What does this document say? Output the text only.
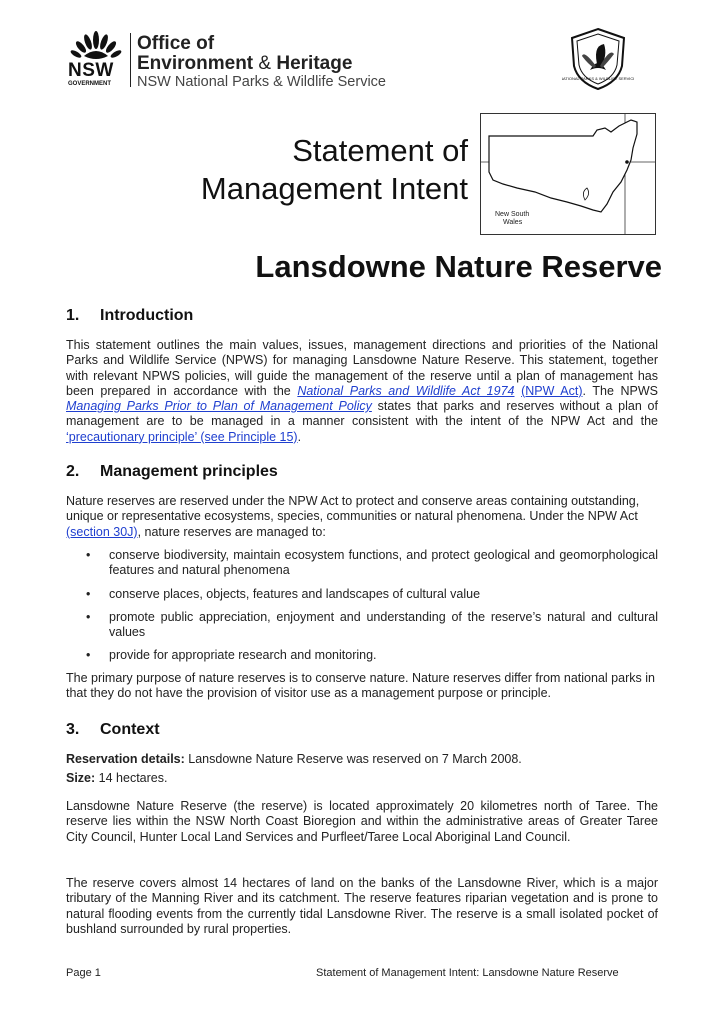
NSW
GOVERNMENT
Office of
Environment & Heritage
NSW National Parks & Wildlife Service	NATIONAL PARKS & WILDLIFE SERVICE
Statement of
Management Intent
New South
Wales
Lansdowne Nature Reserve
1. Introduction

This statement outlines the main values, issues, management directions and priorities of the National Parks and Wildlife Service (NPWS) for managing Lansdowne Nature Reserve. This statement, together with relevant NPWS policies, will guide the management of the reserve until a plan of management has been prepared in accordance with the National Parks and Wildlife Act 1974 (NPW Act). The NPWS Managing Parks Prior to Plan of Management Policy states that parks and reserves without a plan of management are to be managed in a manner consistent with the intent of the NPW Act and the ‘precautionary principle’ (see Principle 15).

2. Management principles

Nature reserves are reserved under the NPW Act to protect and conserve areas containing outstanding, unique or representative ecosystems, species, communities or natural phenomena. Under the NPW Act (section 30J), nature reserves are managed to:

• conserve biodiversity, maintain ecosystem functions, and protect geological and geomorphological features and natural phenomena
• conserve places, objects, features and landscapes of cultural value
• promote public appreciation, enjoyment and understanding of the reserve’s natural and cultural values
• provide for appropriate research and monitoring.

The primary purpose of nature reserves is to conserve nature. Nature reserves differ from national parks in that they do not have the provision of visitor use as a management purpose or principle.

3. Context

Reservation details: Lansdowne Nature Reserve was reserved on 7 March 2008.

Size: 14 hectares.

Lansdowne Nature Reserve (the reserve) is located approximately 20 kilometres north of Taree. The reserve lies within the NSW North Coast Bioregion and within the administrative areas of Greater Taree City Council, Hunter Local Land Services and Purfleet/Taree Local Aboriginal Land Council.

The reserve covers almost 14 hectares of land on the banks of the Lansdowne River, which is a major tributary of the Manning River and its catchment. The reserve features riparian vegetation and is prone to natural flooding events from the currently tidal Lansdowne River. The reserve is a small isolated pocket of bushland surrounded by rural properties.

Page 1	Statement of Management Intent: Lansdowne Nature Reserve
